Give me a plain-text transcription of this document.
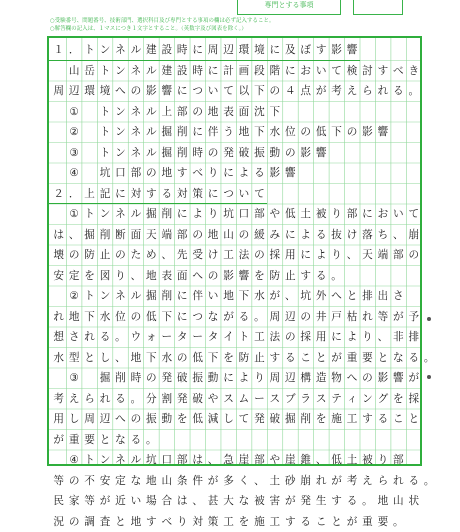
専門とする事項
○受験番号、問題番号、技術部門、選択科目及び専門とする事項の欄は必ず記入すること。
○解答欄の記入は、１マスにつき１文字とすること。（英数字及び図表を除く。）
１ ． ト ン ネ ル 建 設 時 に 周 辺 環 境 に 及 ぼ す 影 響
　山 岳 ト ン ネ ル 建 設 時 に 計 画 段 階 に お い て 検 討 す べ き
周 辺 環 境 へ の 影 響 に つ い て 以 下 の ４ 点 が 考 え ら れ る 。
　①　 ト ン ネ ル 上 部 の 地 表 面 沈 下
　②　 ト ン ネ ル 掘 削 に 伴 う 地 下 水 位 の 低 下 の 影 響
　③　 ト ン ネ ル 掘 削 時 の 発 破 振 動 の 影 響
　④　 坑 口 部 の 地 す べ り に よ る 影 響
２ ． 上 記 に 対 す る 対 策 に つ い て
　① ト ン ネ ル 掘 削 に よ り 坑 口 部 や 低 土 被 り 部 に お い て
は 、 掘 削 断 面 天 端 部 の 地 山 の 緩 み に よ る 抜 け 落 ち 、 崩
壊 の 防 止 の た め 、 先 受 け 工 法 の 採 用 に よ り 、 天 端 部 の
安 定 を 図 り 、 地 表 面 へ の 影 響 を 防 止 す る 。
　② ト ン ネ ル 掘 削 に 伴 い 地 下 水 が 、 坑 外 へ と 排 出 さ
れ 地 下 水 位 の 低 下 に つ な が る 。 周 辺 の 井 戸 枯 れ 等 が 予
想 さ れ る 。 ウ ォ ー タ ー タ イ ト 工 法 の 採 用 に よ り 、 非 排
水 型 と し 、 地 下 水 の 低 下 を 防 止 す る こ と が 重 要 と な る 。
　③　 掘 削 時 の 発 破 振 動 に よ り 周 辺 構 造 物 へ の 影 響 が
考 え ら れ る 。 分 割 発 破 や ス ム ー ス ブ ラ ス テ ィ ン グ を 採
用 し 周 辺 へ の 振 動 を 低 減 し て 発 破 掘 削 を 施 工 す る こ と
が 重 要 と な る 。
　④ ト ン ネ ル 坑 口 部 は 、 急 崖 部 や 崖 錐 、 低 土 被 り 部
等 の 不 安 定 な 地 山 条 件 が 多 く 、 土 砂 崩 れ が 考 え ら れ る 。
民 家 等 が 近 い 場 合 は 、 甚 大 な 被 害 が 発 生 す る 。 地 山 状
況 の 調 査 と 地 す べ り 対 策 工 を 施 工 す る こ と が 重 要 。
